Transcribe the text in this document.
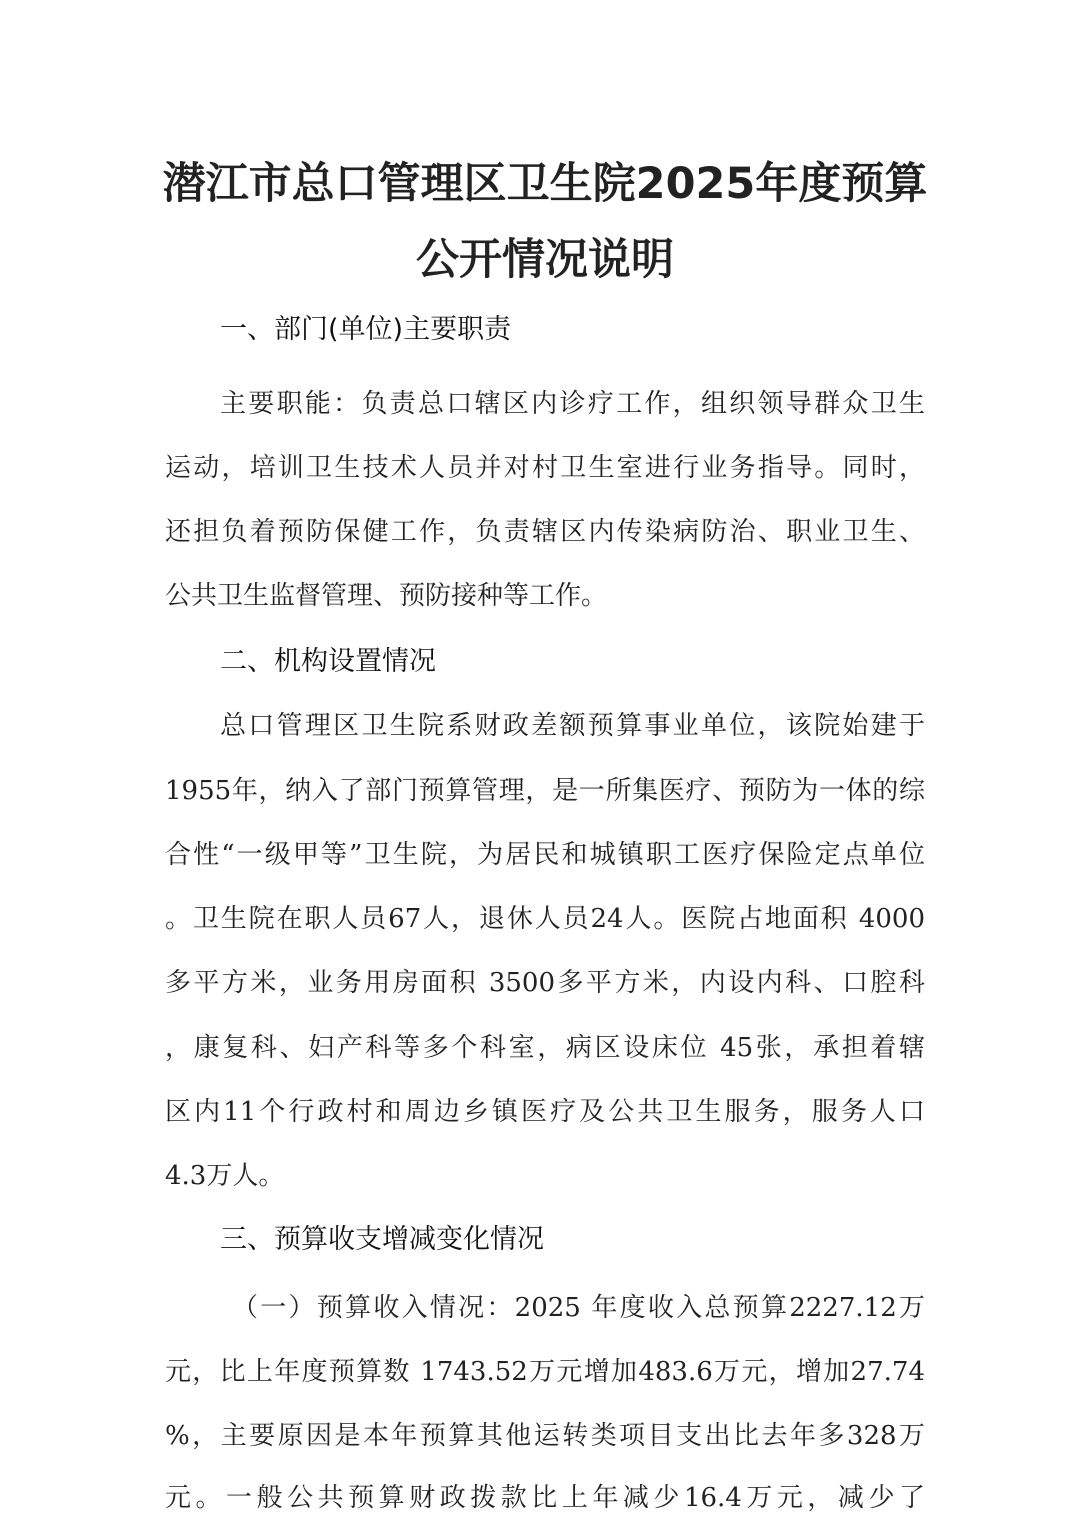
潜江市总口管理区卫生院2025年度预算
公开情况说明
一、部门(单位)主要职责
主要职能：负责总口辖区内诊疗工作，组织领导群众卫生
运动，培训卫生技术人员并对村卫生室进行业务指导。同时，
还担负着预防保健工作，负责辖区内传染病防治、职业卫生、
公共卫生监督管理、预防接种等工作。
二、机构设置情况
总口管理区卫生院系财政差额预算事业单位，该院始建于
1955年，纳入了部门预算管理，是一所集医疗、预防为一体的综
合性“一级甲等”卫生院，为居民和城镇职工医疗保险定点单位
。卫生院在职人员67人，退休人员24人。医院占地面积 4000
多平方米，业务用房面积 3500多平方米，内设内科、口腔科
，康复科、妇产科等多个科室，病区设床位 45张，承担着辖
区内11个行政村和周边乡镇医疗及公共卫生服务，服务人口
4.3万人。
三、预算收支增减变化情况
（一）预算收入情况：2025 年度收入总预算2227.12万
元，比上年度预算数 1743.52万元增加483.6万元，增加27.74
%，主要原因是本年预算其他运转类项目支出比去年多328万
元。一般公共预算财政拨款比上年减少16.4万元，减少了
